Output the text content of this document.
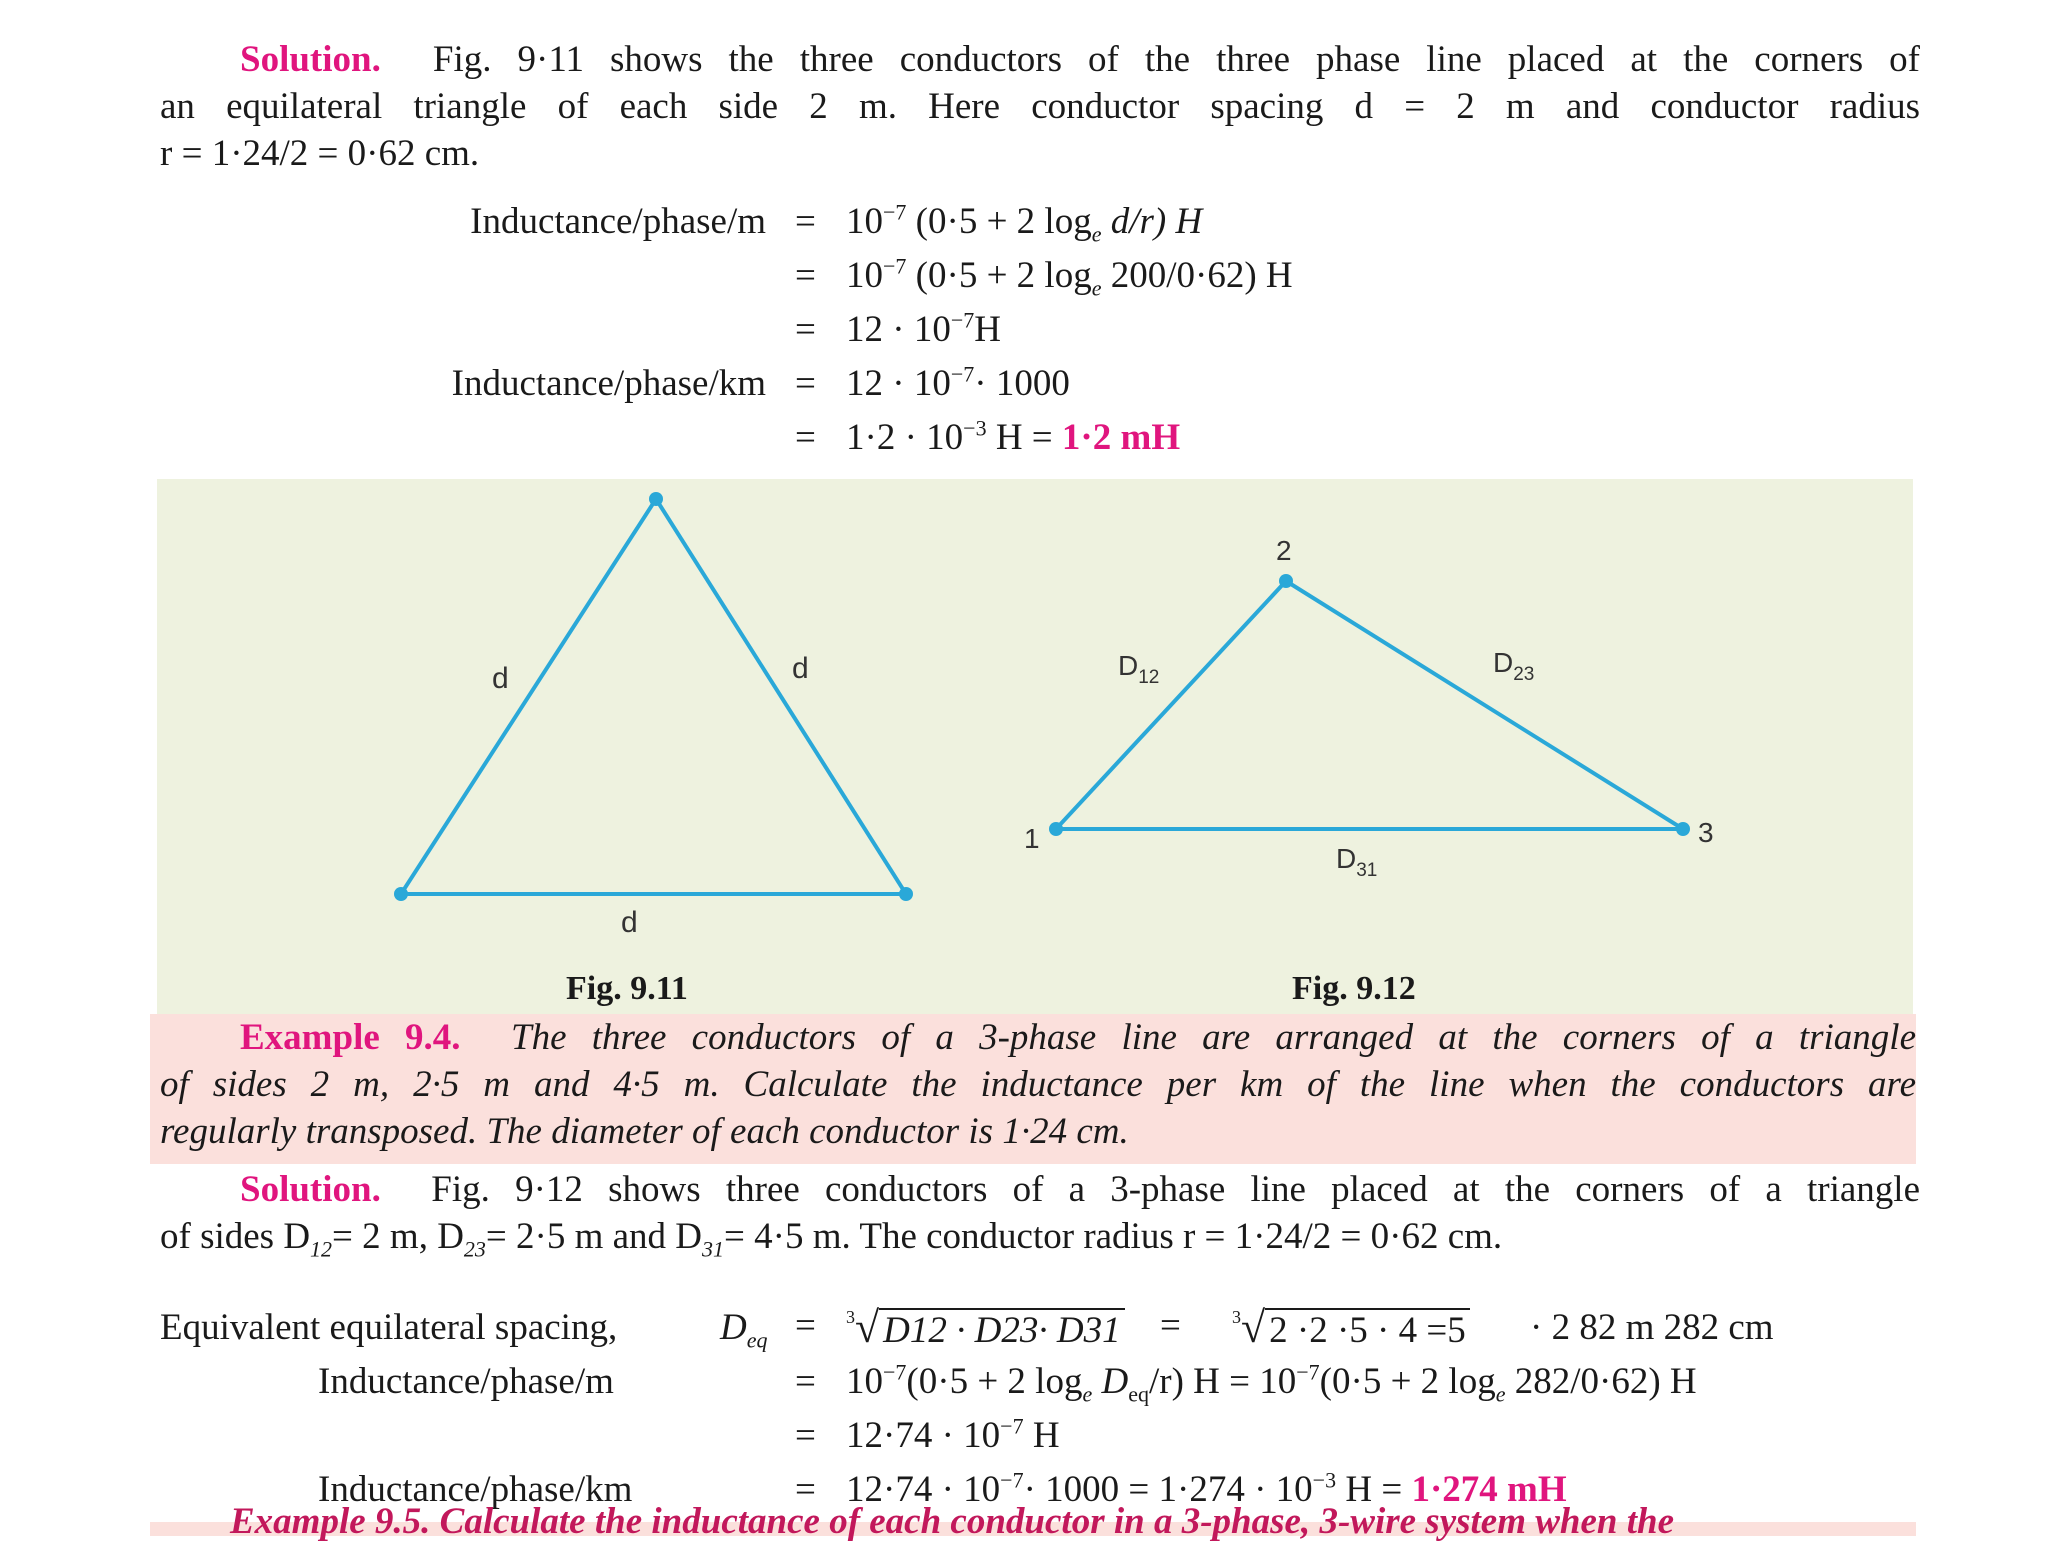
Solution. Fig. 9·11 shows the three conductors of the three phase line placed at the corners of
an equilateral triangle of each side 2 m. Here conductor spacing d = 2 m and conductor radius
r = 1·24/2 = 0·62 cm.
Inductance/phase/m = $10^{-7}$ (0·5 + 2 $\log_e d/r$) H
= $10^{-7}$ (0·5 + 2 $\log_e 200/0\cdot 62$) H
= $12 \cdot 10^{-7}H$
Inductance/phase/km = $12 \cdot 10^{-7}\cdot 1000$
= $1\cdot 2 \cdot 10^{-3}$ H = 1·2 mH
d	d
d
2
1	3
$D_{12}$	$D_{23}$
$D_{31}$
Fig. 9.11	Fig. 9.12
Example 9.4. The three conductors of a 3-phase line are arranged at the corners of a triangle
of sides 2 m, 2·5 m and 4·5 m. Calculate the inductance per km of the line when the conductors are
regularly transposed. The diameter of each conductor is 1·24 cm.
Solution. Fig. 9·12 shows three conductors of a 3-phase line placed at the corners of a triangle
of sides $D_{12}= 2$ m, $D_{23}= 2\cdot 5$ m and $D_{31}= 4\cdot 5$ m. The conductor radius r = 1·24/2 = 0·62 cm.
Equivalent equilateral spacing,	$D_{eq} = ^3√$ D12 · D23· D31 =	$^3$√ 2 ·2 ·5 · 4 =5 · 2 82 m 282 cm
Inductance/phase/m	= $10^{-7}(0\cdot 5 + 2$ $\log_e D_{eq}/r$) $H = 10^{-7}(0\cdot 5 + 2$ $\log_e 282/0\cdot 62$) H
= $12\cdot 74 \cdot 10^{-7}$ H
Inductance/phase/km	= $12\cdot 74 \cdot 10^{-7}\cdot 1000 = 1\cdot 274 \cdot 10^{-3}$ H = 1·274 mH
Example 9.5. Calculate the inductance of each conductor in a 3-phase, 3-wire system when the
